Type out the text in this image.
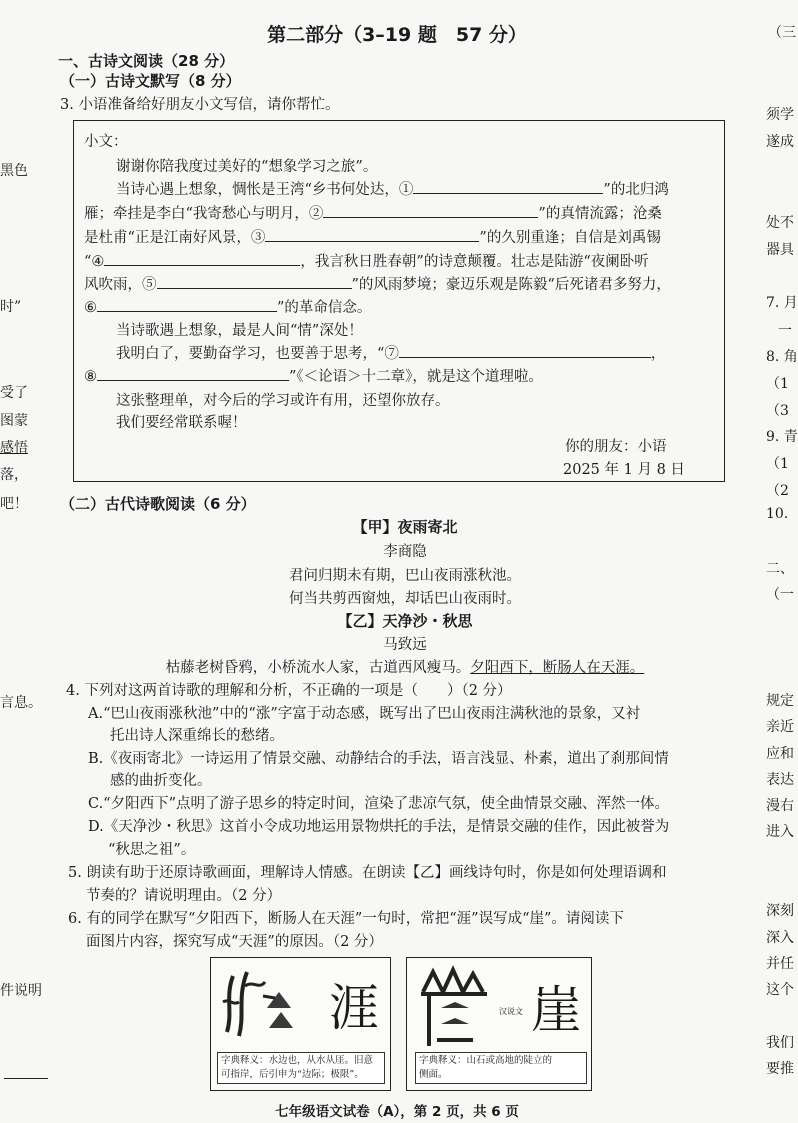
黑色
时”
受了
图蒙
感悟
落，
吧！
言息。
件说明
（三
须学
遂成
处不
器具
7. 月
一
8. 角
（1
（3
9. 青
（1
（2
10.
二、
（一
规定
亲近
应和
表达
漫右
进入
深刻
深入
并任
这个
我们
要推
第二部分（3–19 题　57 分）
一、古诗文阅读（28 分）
（一）古诗文默写（8 分）
3. 小语准备给好朋友小文写信，请你帮忙。
小文：
谢谢你陪我度过美好的“想象学习之旅”。
当诗心遇上想象，惆怅是王湾“乡书何处达，①	”的北归鸿
雁；牵挂是李白“我寄愁心与明月，②	”的真情流露；沧桑
是杜甫“正是江南好风景，③	”的久别重逢；自信是刘禹锡
“④	，我言秋日胜春朝”的诗意颠覆。壮志是陆游“夜阑卧听
风吹雨，⑤	”的风雨梦境；豪迈乐观是陈毅“后死诸君多努力，
⑥	”的革命信念。
当诗歌遇上想象，最是人间“情”深处！
我明白了，要勤奋学习，也要善于思考，“⑦	，
⑧	”《＜论语＞十二章》，就是这个道理啦。
这张整理单，对今后的学习或许有用，还望你放存。
我们要经常联系喔！
你的朋友：小语
2025 年 1 月 8 日
（二）古代诗歌阅读（6 分）
【甲】夜雨寄北
李商隐
君问归期未有期，巴山夜雨涨秋池。
何当共剪西窗烛，却话巴山夜雨时。
【乙】天净沙・秋思
马致远
枯藤老树昏鸦，小桥流水人家，古道西风瘦马。夕阳西下，断肠人在天涯。
4. 下列对这两首诗歌的理解和分析，不正确的一项是（　　）（2 分）
A.“巴山夜雨涨秋池”中的“涨”字富于动态感，既写出了巴山夜雨注满秋池的景象，又衬
托出诗人深重绵长的愁绪。
B.《夜雨寄北》一诗运用了情景交融、动静结合的手法，语言浅显、朴素，道出了刹那间情
感的曲折变化。
C.“夕阳西下”点明了游子思乡的特定时间，渲染了悲凉气氛，使全曲情景交融、浑然一体。
D.《天净沙・秋思》这首小令成功地运用景物烘托的手法，是情景交融的佳作，因此被誉为
“秋思之祖”。
5. 朗读有助于还原诗歌画面，理解诗人情感。在朗读【乙】画线诗句时，你是如何处理语调和
节奏的？请说明理由。（2 分）
6. 有的同学在默写“夕阳西下，断肠人在天涯”一句时，常把“涯”误写成“崖”。请阅读下
面图片内容，探究写成“天涯”的原因。（2 分）
涯
字典释义：水边也，从水从厓。旧意
可指岸，后引申为“边际；极限”。
汉说文 崖
字典释义：山石或高地的陡立的
侧面。
七年级语文试卷（A），第 2 页，共 6 页
